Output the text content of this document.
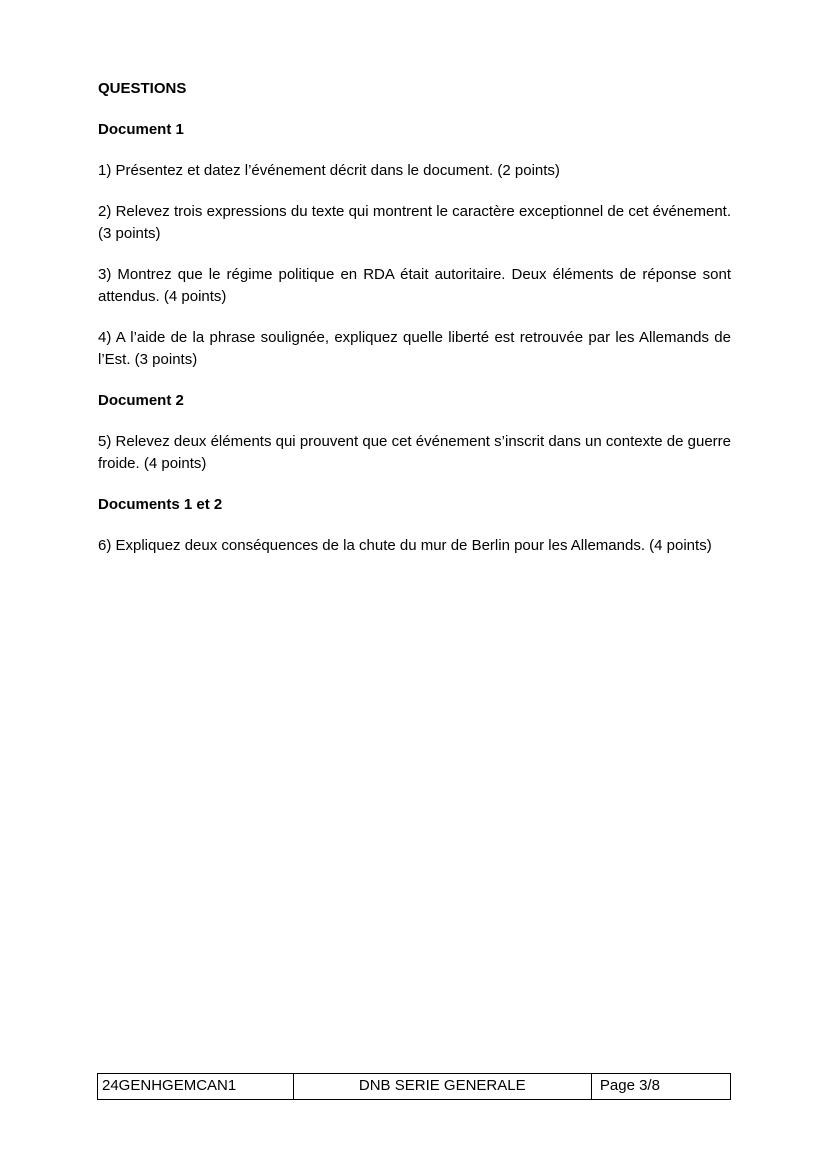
QUESTIONS

Document 1

1) Présentez et datez l’événement décrit dans le document. (2 points)

2) Relevez trois expressions du texte qui montrent le caractère exceptionnel de cet événement. (3 points)

3) Montrez que le régime politique en RDA était autoritaire. Deux éléments de réponse sont attendus. (4 points)

4) A l’aide de la phrase soulignée, expliquez quelle liberté est retrouvée par les Allemands de l’Est. (3 points)

Document 2

5) Relevez deux éléments qui prouvent que cet événement s’inscrit dans un contexte de guerre froide. (4 points)

Documents 1 et 2

6) Expliquez deux conséquences de la chute du mur de Berlin pour les Allemands. (4 points)

24GENHGEMCAN1	DNB SERIE GENERALE	Page 3/8
